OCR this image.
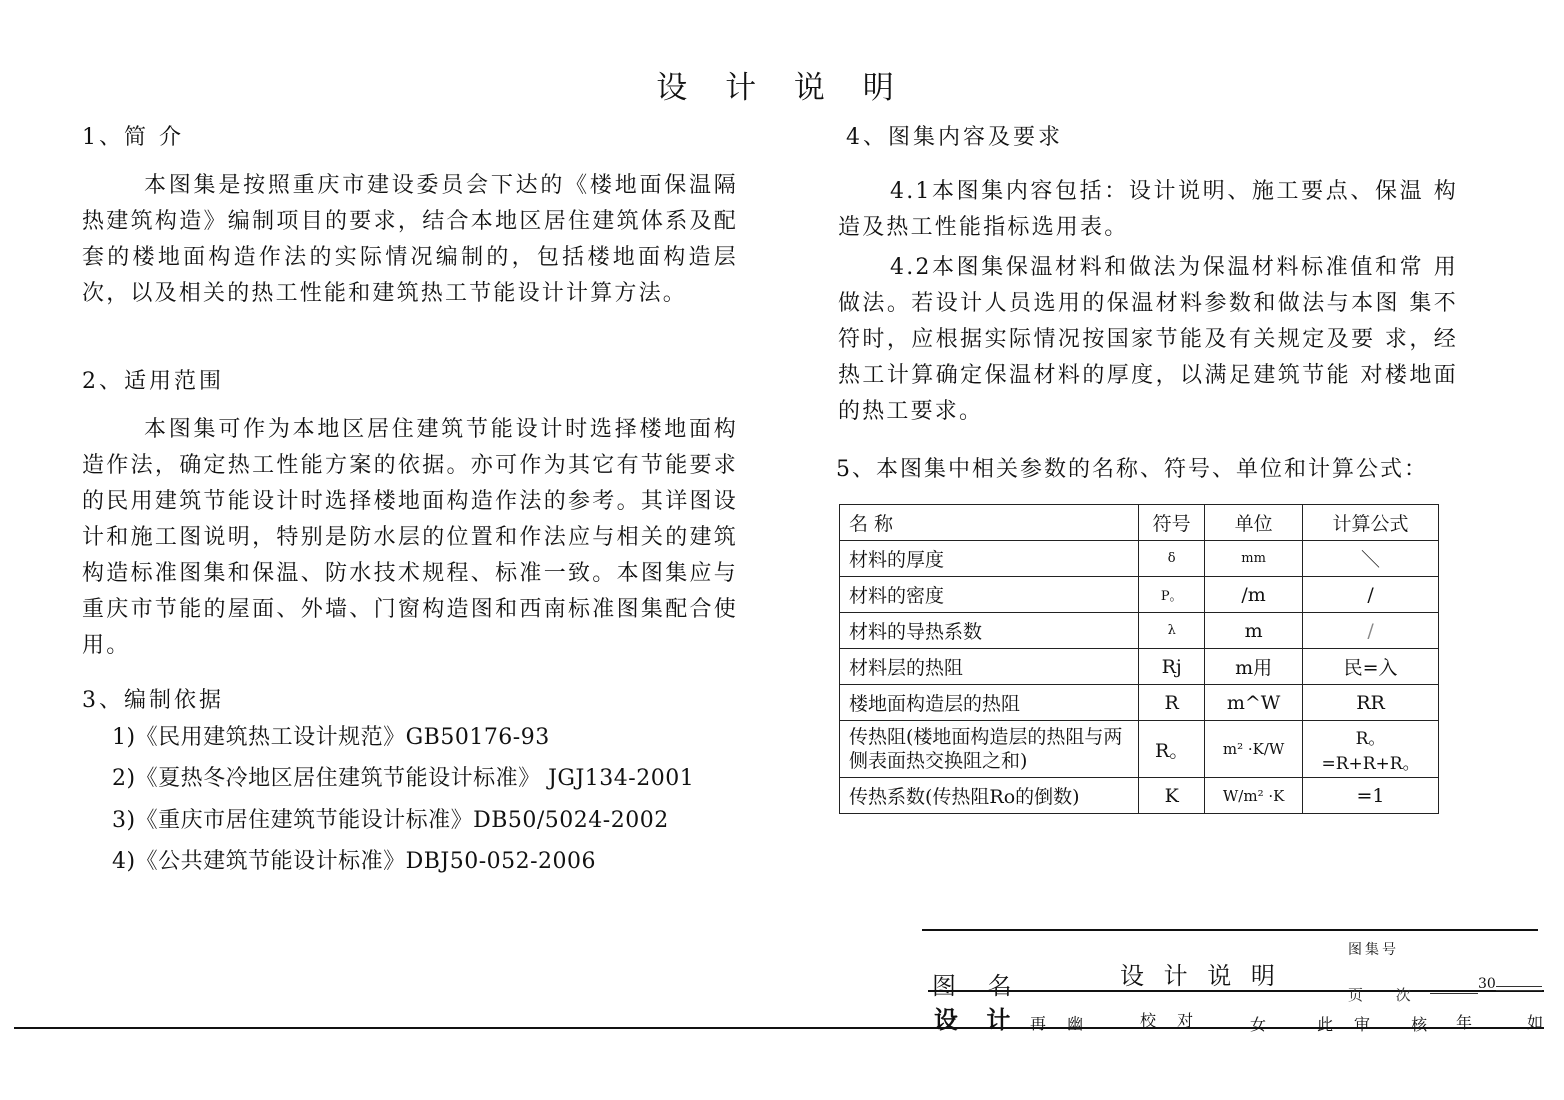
设 计 说 明
1、简 介
本图集是按照重庆市建设委员会下达的《楼地面保温隔热建筑构造》编制项目的要求，结合本地区居住建筑体系及配套的楼地面构造作法的实际情况编制的，包括楼地面构造层次，以及相关的热工性能和建筑热工节能设计计算方法。
2、适用范围
本图集可作为本地区居住建筑节能设计时选择楼地面构造作法，确定热工性能方案的依据。亦可作为其它有节能要求的民用建筑节能设计时选择楼地面构造作法的参考。其详图设计和施工图说明，特别是防水层的位置和作法应与相关的建筑构造标准图集和保温、防水技术规程、标准一致。本图集应与重庆市节能的屋面、外墙、门窗构造图和西南标准图集配合使用。
3、编制依据
1)《民用建筑热工设计规范》GB50176-93
2)《夏热冬冷地区居住建筑节能设计标准》 JGJ134-2001
3)《重庆市居住建筑节能设计标准》DB50/5024-2002
4)《公共建筑节能设计标准》DBJ50-052-2006
4、图集内容及要求
4.1本图集内容包括：设计说明、施工要点、保温 构造及热工性能指标选用表。
4.2本图集保温材料和做法为保温材料标准值和常 用做法。若设计人员选用的保温材料参数和做法与本图 集不符时，应根据实际情况按国家节能及有关规定及要 求，经热工计算确定保温材料的厚度，以满足建筑节能 对楼地面的热工要求。
5、本图集中相关参数的名称、符号、单位和计算公式：
名 称	符号	单位	计算公式
材料的厚度	δ	mm	＼
材料的密度	P。	/m	/
材料的导热系数	λ	m	/
材料层的热阻	Rj	m用	民=入
楼地面构造层的热阻	R	m^W	RR
传热阻(楼地面构造层的热阻与两侧表面热交换阻之和)	R。	m² ·K/W	R。=R+R+R。
传热系数(传热阻Ro的倒数)	K	W/m² ·K	=1
图 名	设 计 说 明
图集号
页 次
30
设 计 再 幽	校 对	女 此 审 核 年 如
